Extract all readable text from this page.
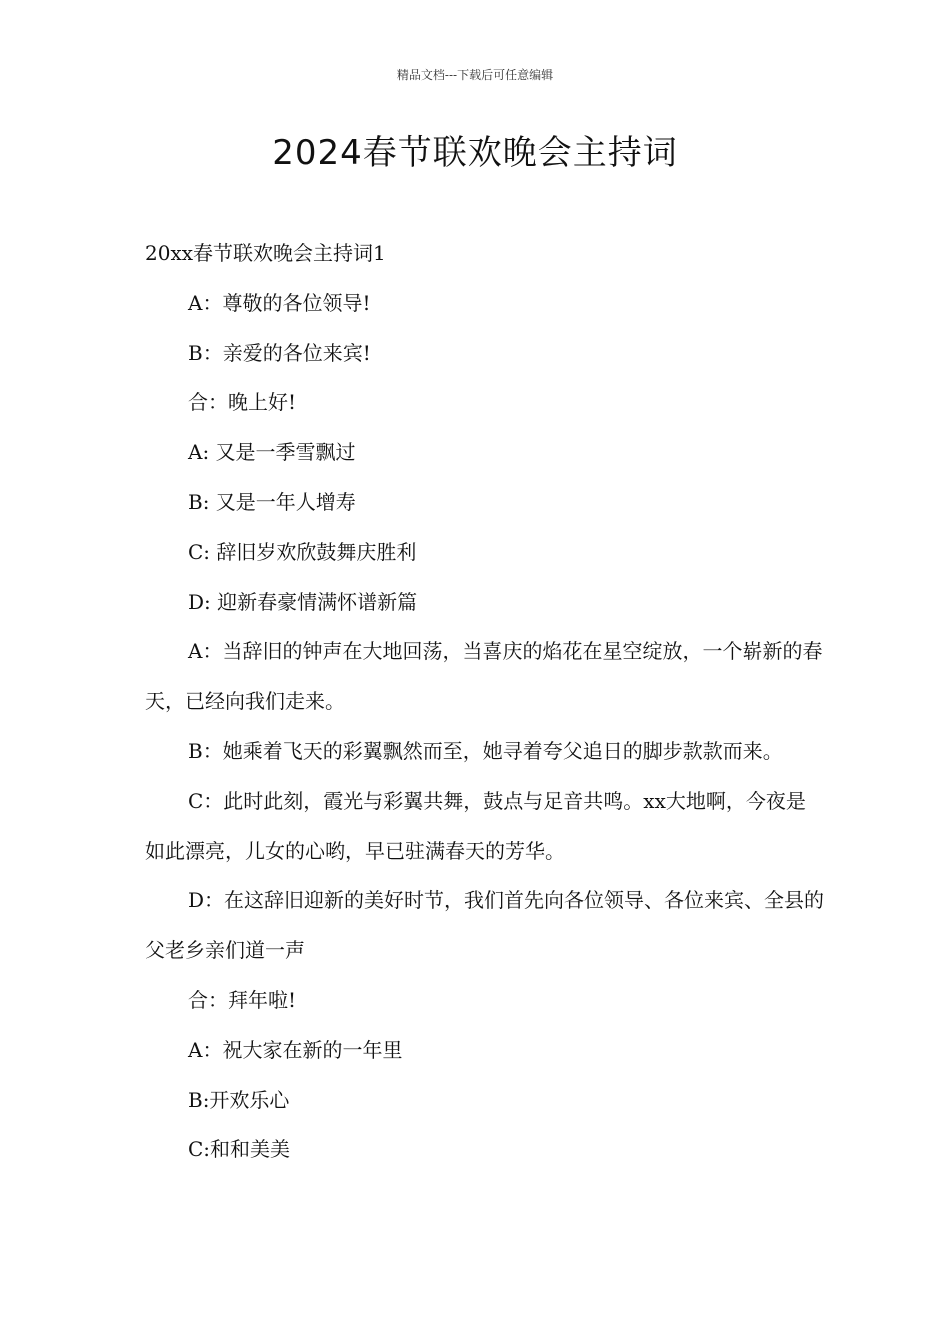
精品文档---下载后可任意编辑
2024春节联欢晚会主持词

20xx春节联欢晚会主持词1

A：尊敬的各位领导!

B：亲爱的各位来宾!

合：晚上好!

A: 又是一季雪飘过

B: 又是一年人增寿

C: 辞旧岁欢欣鼓舞庆胜利

D: 迎新春豪情满怀谱新篇

A：当辞旧的钟声在大地回荡，当喜庆的焰花在星空绽放，一个崭新的春天，已经向我们走来。

B：她乘着飞天的彩翼飘然而至，她寻着夸父追日的脚步款款而来。

C：此时此刻，霞光与彩翼共舞，鼓点与足音共鸣。xx大地啊，今夜是如此漂亮，儿女的心哟，早已驻满春天的芳华。

D：在这辞旧迎新的美好时节，我们首先向各位领导、各位来宾、全县的父老乡亲们道一声

合：拜年啦!

A：祝大家在新的一年里

B:开欢乐心

C:和和美美
